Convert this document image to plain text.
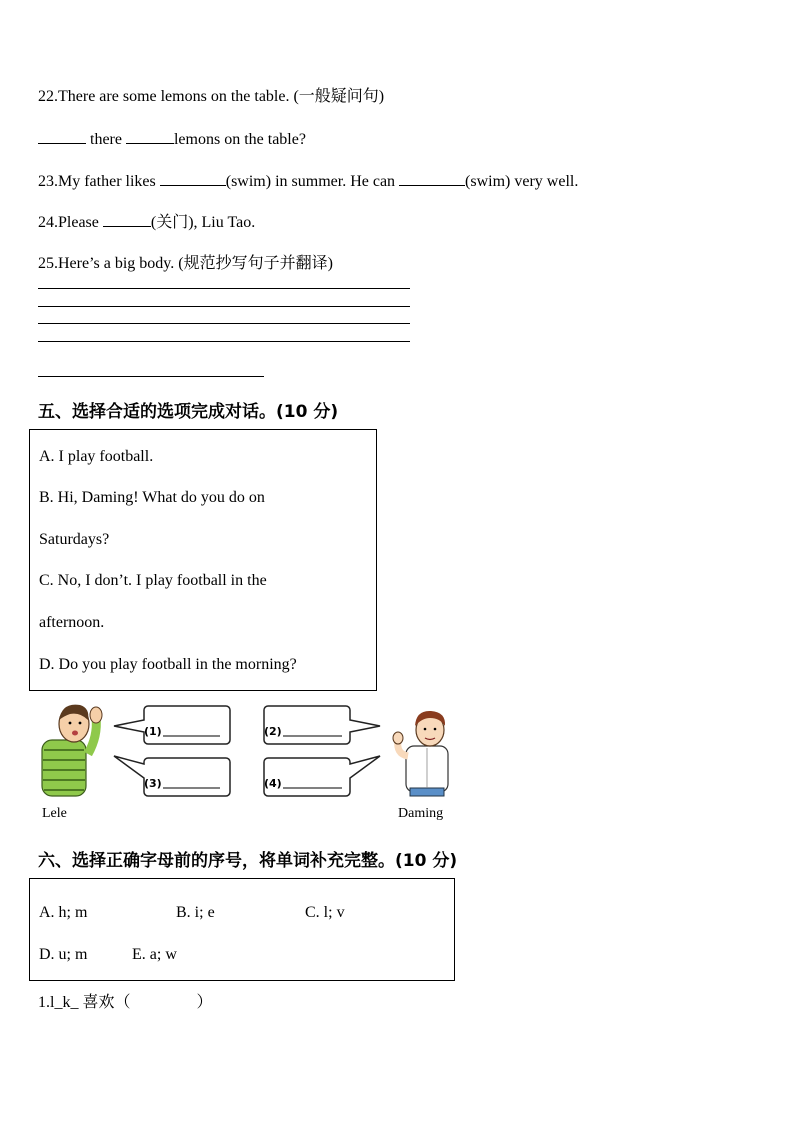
22.There are some lemons on the table. (一般疑问句)
there	lemons on the table?
23.My father likes	(swim) in summer. He can	(swim) very well.
24.Please	(关门), Liu Tao.
25.Here’s a big body. (规范抄写句子并翻译)
五、选择合适的选项完成对话。(10 分)
A. I play football.
B. Hi, Daming! What do you do on
Saturdays?
C. No, I don’t. I play football in the
afternoon.
D. Do you play football in the morning?
(1)	(2)
(3)	(4)
Lele	Daming
六、选择正确字母前的序号，将单词补充完整。(10 分)
A. h; m	B. i; e	C. l; v
D. u; m	E. a; w
1.l_k_ 喜欢（	）
